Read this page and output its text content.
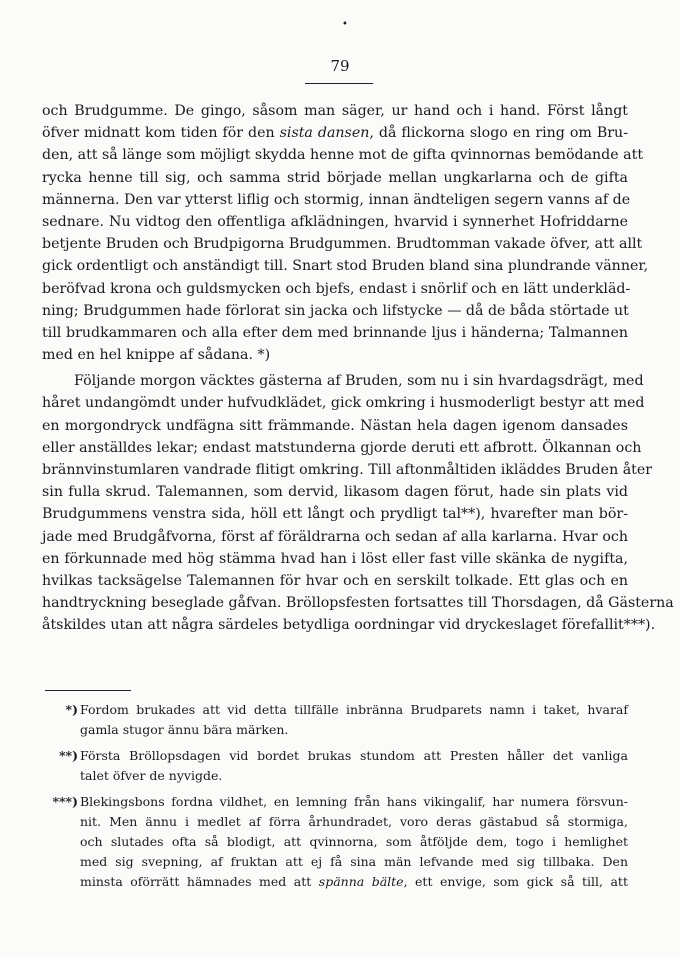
•
79
och Brudgumme. De gingo, såsom man säger, ur hand och i hand. Först långt
öfver midnatt kom tiden för den sista dansen, då flickorna slogo en ring om Bru-
den, att så länge som möjligt skydda henne mot de gifta qvinnornas bemödande att
rycka henne till sig, och samma strid började mellan ungkarlarna och de gifta
männerna. Den var ytterst liflig och stormig, innan ändteligen segern vanns af de
sednare. Nu vidtog den offentliga afklädningen, hvarvid i synnerhet Hofriddarne
betjente Bruden och Brudpigorna Brudgummen. Brudtomman vakade öfver, att allt
gick ordentligt och anständigt till. Snart stod Bruden bland sina plundrande vänner,
beröfvad krona och guldsmycken och bjefs, endast i snörlif och en lätt underkläd-
ning; Brudgummen hade förlorat sin jacka och lifstycke — då de båda störtade ut
till brudkammaren och alla efter dem med brinnande ljus i händerna; Talmannen
med en hel knippe af sådana. *)
Följande morgon väcktes gästerna af Bruden, som nu i sin hvardagsdrägt, med
håret undangömdt under hufvudklädet, gick omkring i husmoderligt bestyr att med
en morgondryck undfägna sitt främmande. Nästan hela dagen igenom dansades
eller anställdes lekar; endast matstunderna gjorde deruti ett afbrott. Ölkannan och
brännvinstumlaren vandrade flitigt omkring. Till aftonmåltiden ikläddes Bruden åter
sin fulla skrud. Talemannen, som dervid, likasom dagen förut, hade sin plats vid
Brudgummens venstra sida, höll ett långt och prydligt tal**), hvarefter man bör-
jade med Brudgåfvorna, först af föräldrarna och sedan af alla karlarna. Hvar och
en förkunnade med hög stämma hvad han i löst eller fast ville skänka de nygifta,
hvilkas tacksägelse Talemannen för hvar och en serskilt tolkade. Ett glas och en
handtryckning beseglade gåfvan. Bröllopsfesten fortsattes till Thorsdagen, då Gästerna
åtskildes utan att några särdeles betydliga oordningar vid dryckeslaget förefallit***).
*) Fordom brukades att vid detta tillfälle inbränna Brudparets namn i taket, hvaraf
gamla stugor ännu bära märken.
**) Första Bröllopsdagen vid bordet brukas stundom att Presten håller det vanliga
talet öfver de nyvigde.
***) Blekingsbons fordna vildhet, en lemning från hans vikingalif, har numera försvun-
nit. Men ännu i medlet af förra århundradet, voro deras gästabud så stormiga,
och slutades ofta så blodigt, att qvinnorna, som åtföljde dem, togo i hemlighet
med sig svepning, af fruktan att ej få sina män lefvande med sig tillbaka. Den
minsta oförrätt hämnades med att spänna bälte, ett envige, som gick så till, att
